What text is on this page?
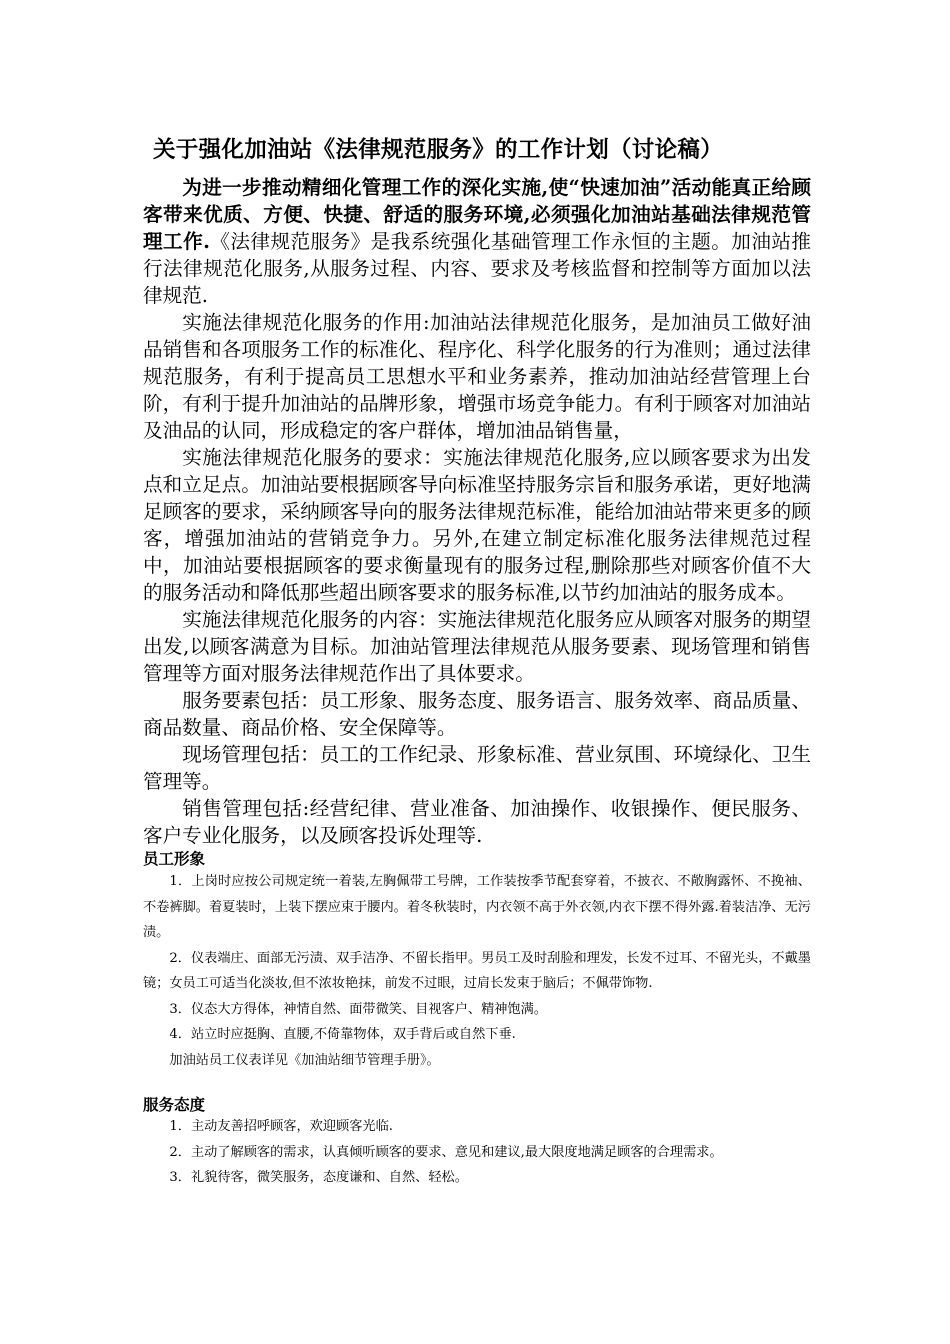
关于强化加油站《法律规范服务》的工作计划（讨论稿）

为进一步推动精细化管理工作的深化实施,使“快速加油”活动能真正给顾客带来优质、方便、快捷、舒适的服务环境,必须强化加油站基础法律规范管理工作.《法律规范服务》是我系统强化基础管理工作永恒的主题。加油站推行法律规范化服务,从服务过程、内容、要求及考核监督和控制等方面加以法律规范.

实施法律规范化服务的作用:加油站法律规范化服务，是加油员工做好油品销售和各项服务工作的标准化、程序化、科学化服务的行为准则；通过法律规范服务，有利于提高员工思想水平和业务素养，推动加油站经营管理上台阶，有利于提升加油站的品牌形象，增强市场竞争能力。有利于顾客对加油站及油品的认同，形成稳定的客户群体，增加油品销售量，

实施法律规范化服务的要求：实施法律规范化服务,应以顾客要求为出发点和立足点。加油站要根据顾客导向标准坚持服务宗旨和服务承诺，更好地满足顾客的要求，采纳顾客导向的服务法律规范标准，能给加油站带来更多的顾客，增强加油站的营销竞争力。另外,在建立制定标准化服务法律规范过程中，加油站要根据顾客的要求衡量现有的服务过程,删除那些对顾客价值不大的服务活动和降低那些超出顾客要求的服务标准,以节约加油站的服务成本。

实施法律规范化服务的内容：实施法律规范化服务应从顾客对服务的期望出发,以顾客满意为目标。加油站管理法律规范从服务要素、现场管理和销售管理等方面对服务法律规范作出了具体要求。

服务要素包括：员工形象、服务态度、服务语言、服务效率、商品质量、商品数量、商品价格、安全保障等。

现场管理包括：员工的工作纪录、形象标准、营业氛围、环境绿化、卫生管理等。

销售管理包括:经营纪律、营业准备、加油操作、收银操作、便民服务、客户专业化服务，以及顾客投诉处理等.

员工形象

1．上岗时应按公司规定统一着装,左胸佩带工号牌，工作装按季节配套穿着，不披衣、不敞胸露怀、不挽袖、不卷裤脚。着夏装时，上装下摆应束于腰内。着冬秋装时，内衣领不高于外衣领,内衣下摆不得外露.着装洁净、无污渍。

2．仪表端庄、面部无污渍、双手洁净、不留长指甲。男员工及时刮脸和理发，长发不过耳、不留光头，不戴墨镜；女员工可适当化淡妆,但不浓妆艳抹，前发不过眼，过肩长发束于脑后；不佩带饰物.

3．仪态大方得体，神情自然、面带微笑、目视客户、精神饱满。

4．站立时应挺胸、直腰,不倚靠物体，双手背后或自然下垂.

加油站员工仪表详见《加油站细节管理手册》。

服务态度

1．主动友善招呼顾客，欢迎顾客光临.

2．主动了解顾客的需求，认真倾听顾客的要求、意见和建议,最大限度地满足顾客的合理需求。

3．礼貌待客，微笑服务，态度谦和、自然、轻松。
